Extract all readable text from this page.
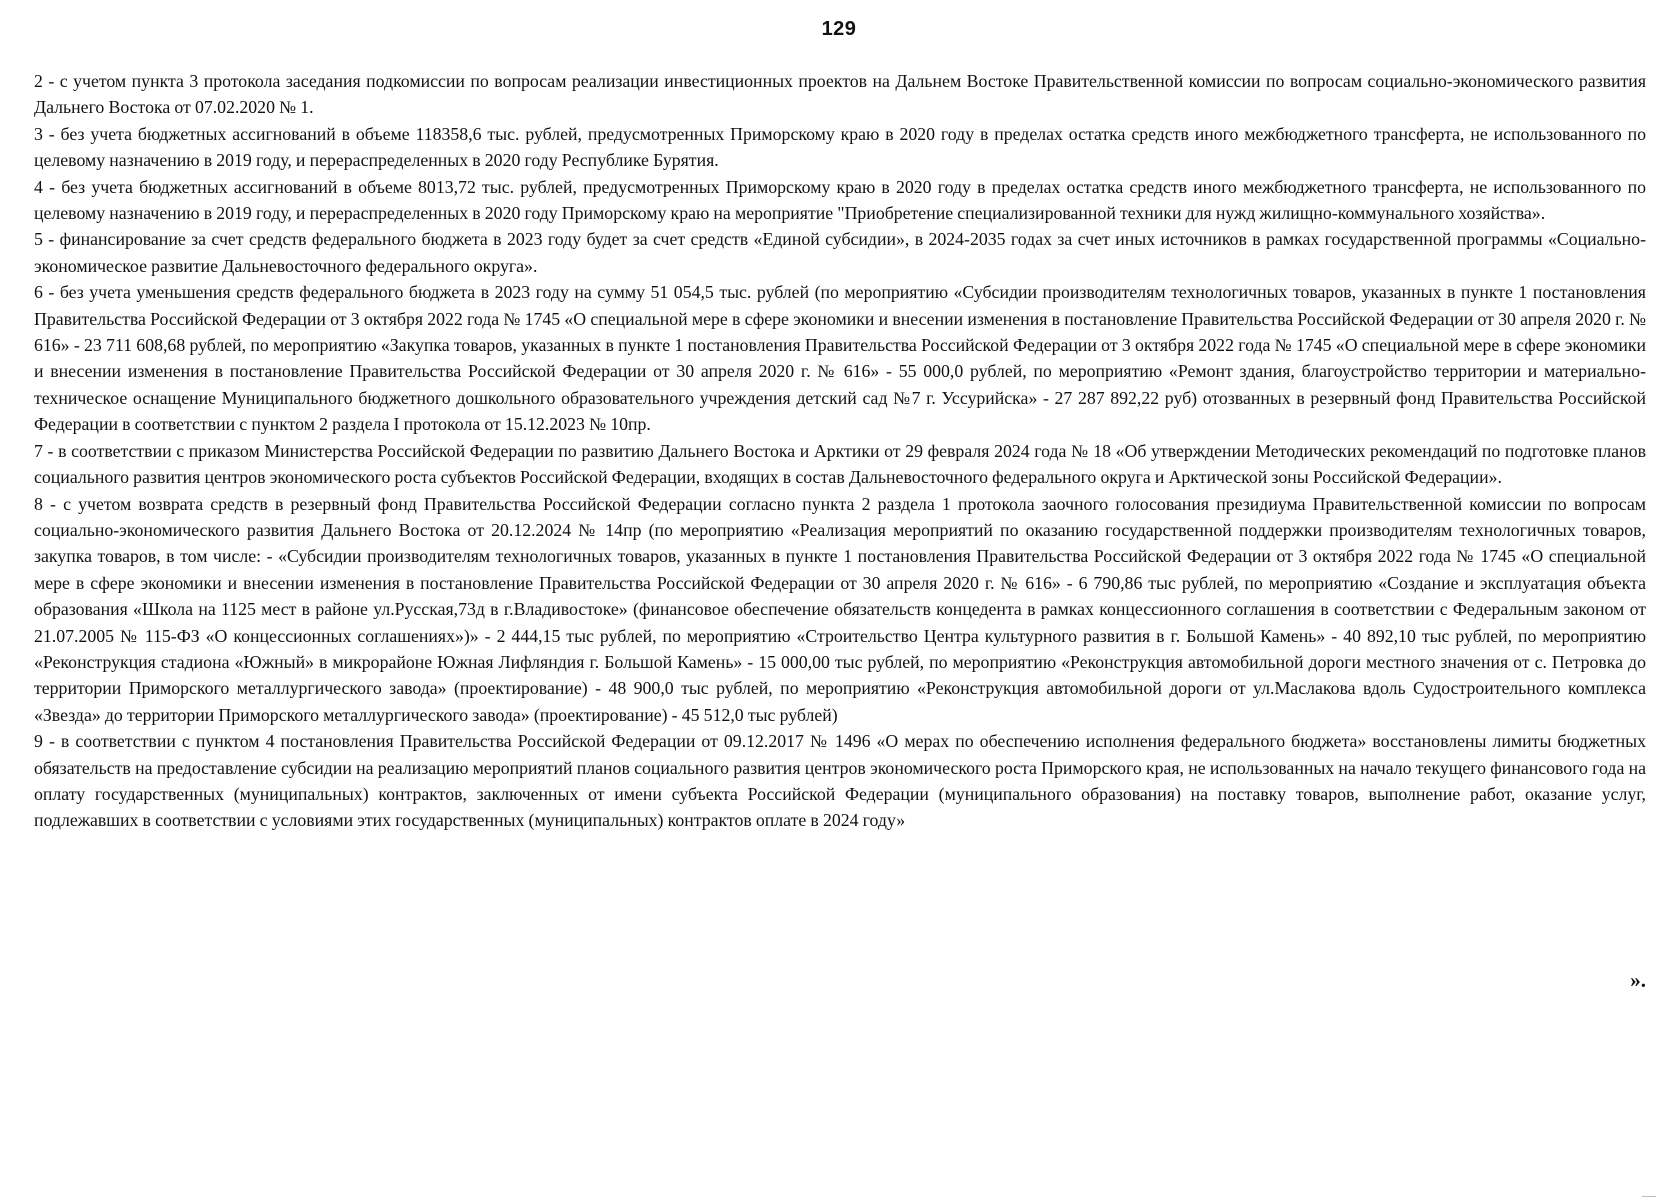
129

2 - с учетом пункта 3 протокола заседания подкомиссии по вопросам реализации инвестиционных проектов на Дальнем Востоке Правительственной комиссии по вопросам социально-экономического развития Дальнего Востока от 07.02.2020 № 1.

3 - без учета бюджетных ассигнований в объеме 118358,6 тыс. рублей, предусмотренных Приморскому краю в 2020 году в пределах остатка средств иного межбюджетного трансферта, не использованного по целевому назначению в 2019 году, и перераспределенных в 2020 году Республике Бурятия.

4 - без учета бюджетных ассигнований в объеме 8013,72 тыс. рублей, предусмотренных Приморскому краю в 2020 году в пределах остатка средств иного межбюджетного трансферта, не использованного по целевому назначению в 2019 году, и перераспределенных в 2020 году Приморскому краю на мероприятие "Приобретение специализированной техники для нужд жилищно-коммунального хозяйства».

5 - финансирование за счет средств федерального бюджета в 2023 году будет за счет средств «Единой субсидии», в 2024-2035 годах за счет иных источников в рамках государственной программы «Социально-экономическое развитие Дальневосточного федерального округа».

6 - без учета уменьшения средств федерального бюджета в 2023 году на сумму 51 054,5 тыс. рублей (по мероприятию «Субсидии производителям технологичных товаров, указанных в пункте 1 постановления Правительства Российской Федерации от 3 октября 2022 года № 1745 «О специальной мере в сфере экономики и внесении изменения в постановление Правительства Российской Федерации от 30 апреля 2020 г. № 616» - 23 711 608,68 рублей, по мероприятию «Закупка товаров, указанных в пункте 1 постановления Правительства Российской Федерации от 3 октября 2022 года № 1745 «О специальной мере в сфере экономики и внесении изменения в постановление Правительства Российской Федерации от 30 апреля 2020 г. № 616» - 55 000,0 рублей, по мероприятию «Ремонт здания, благоустройство территории и материально-техническое оснащение Муниципального бюджетного дошкольного образовательного учреждения детский сад №7 г. Уссурийска» - 27 287 892,22 руб) отозванных в резервный фонд Правительства Российской Федерации в соответствии с пунктом 2 раздела I протокола от 15.12.2023 № 10пр.

7 - в соответствии с приказом Министерства Российской Федерации по развитию Дальнего Востока и Арктики от 29 февраля 2024 года № 18 «Об утверждении Методических рекомендаций по подготовке планов социального развития центров экономического роста субъектов Российской Федерации, входящих в состав Дальневосточного федерального округа и Арктической зоны Российской Федерации».

8 - с учетом возврата средств в резервный фонд Правительства Российской Федерации согласно пункта 2 раздела 1 протокола заочного голосования президиума Правительственной комиссии по вопросам социально-экономического развития Дальнего Востока от 20.12.2024 № 14пр (по мероприятию «Реализация мероприятий по оказанию государственной поддержки производителям технологичных товаров, закупка товаров, в том числе: - «Субсидии производителям технологичных товаров, указанных в пункте 1 постановления Правительства Российской Федерации от 3 октября 2022 года № 1745 «О специальной мере в сфере экономики и внесении изменения в постановление Правительства Российской Федерации от 30 апреля 2020 г. № 616» - 6 790,86 тыс рублей, по мероприятию «Создание и эксплуатация объекта образования «Школа на 1125 мест в районе ул.Русская,73д в г.Владивостоке» (финансовое обеспечение обязательств концедента в рамках концессионного соглашения в соответствии с Федеральным законом от 21.07.2005 № 115-ФЗ «О концессионных соглашениях»)» - 2 444,15 тыс рублей, по мероприятию «Строительство Центра культурного развития в г. Большой Камень» - 40 892,10 тыс рублей, по мероприятию «Реконструкция стадиона «Южный» в микрорайоне Южная Лифляндия г. Большой Камень» - 15 000,00 тыс рублей, по мероприятию «Реконструкция автомобильной дороги местного значения от с. Петровка до территории Приморского металлургического завода» (проектирование) - 48 900,0 тыс рублей, по мероприятию «Реконструкция автомобильной дороги от ул.Маслакова вдоль Судостроительного комплекса «Звезда» до территории Приморского металлургического завода» (проектирование) - 45 512,0 тыс рублей)

9 - в соответствии с пунктом 4 постановления Правительства Российской Федерации от 09.12.2017 № 1496 «О мерах по обеспечению исполнения федерального бюджета» восстановлены лимиты бюджетных обязательств на предоставление субсидии на реализацию мероприятий планов социального развития центров экономического роста Приморского края, не использованных на начало текущего финансового года на оплату государственных (муниципальных) контрактов, заключенных от имени субъекта Российской Федерации (муниципального образования) на поставку товаров, выполнение работ, оказание услуг, подлежавших в соответствии с условиями этих государственных (муниципальных) контрактов оплате в 2024 году»

».
